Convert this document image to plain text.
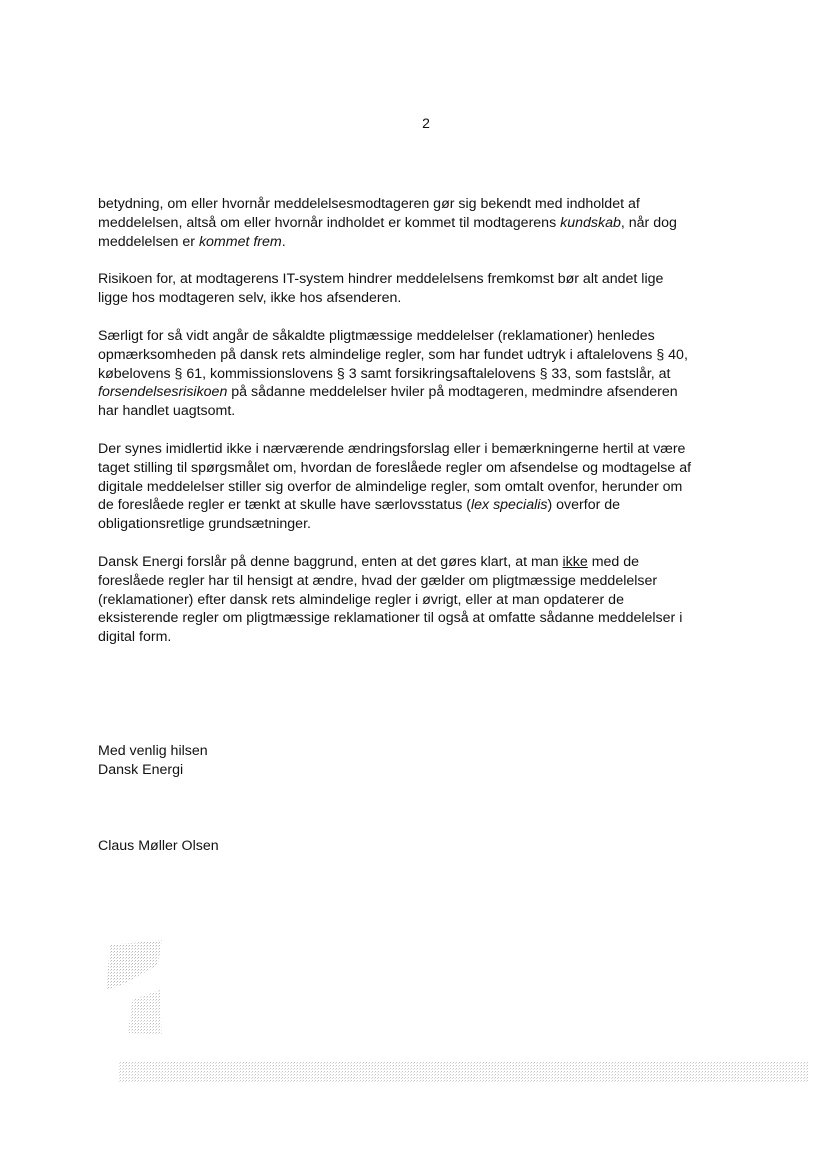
2

betydning, om eller hvornår meddelelsesmodtageren gør sig bekendt med indholdet af
meddelelsen, altså om eller hvornår indholdet er kommet til modtagerens kundskab, når dog
meddelelsen er kommet frem.

Risikoen for, at modtagerens IT-system hindrer meddelelsens fremkomst bør alt andet lige
ligge hos modtageren selv, ikke hos afsenderen.

Særligt for så vidt angår de såkaldte pligtmæssige meddelelser (reklamationer) henledes
opmærksomheden på dansk rets almindelige regler, som har fundet udtryk i aftalelovens § 40,
købelovens § 61, kommissionslovens § 3 samt forsikringsaftalelovens § 33, som fastslår, at
forsendelsesrisikoen på sådanne meddelelser hviler på modtageren, medmindre afsenderen
har handlet uagtsomt.

Der synes imidlertid ikke i nærværende ændringsforslag eller i bemærkningerne hertil at være
taget stilling til spørgsmålet om, hvordan de foreslåede regler om afsendelse og modtagelse af
digitale meddelelser stiller sig overfor de almindelige regler, som omtalt ovenfor, herunder om
de foreslåede regler er tænkt at skulle have særlovsstatus (lex specialis) overfor de
obligationsretlige grundsætninger.

Dansk Energi forslår på denne baggrund, enten at det gøres klart, at man ikke med de
foreslåede regler har til hensigt at ændre, hvad der gælder om pligtmæssige meddelelser
(reklamationer) efter dansk rets almindelige regler i øvrigt, eller at man opdaterer de
eksisterende regler om pligtmæssige reklamationer til også at omfatte sådanne meddelelser i
digital form.

Med venlig hilsen
Dansk Energi
Claus Møller Olsen
